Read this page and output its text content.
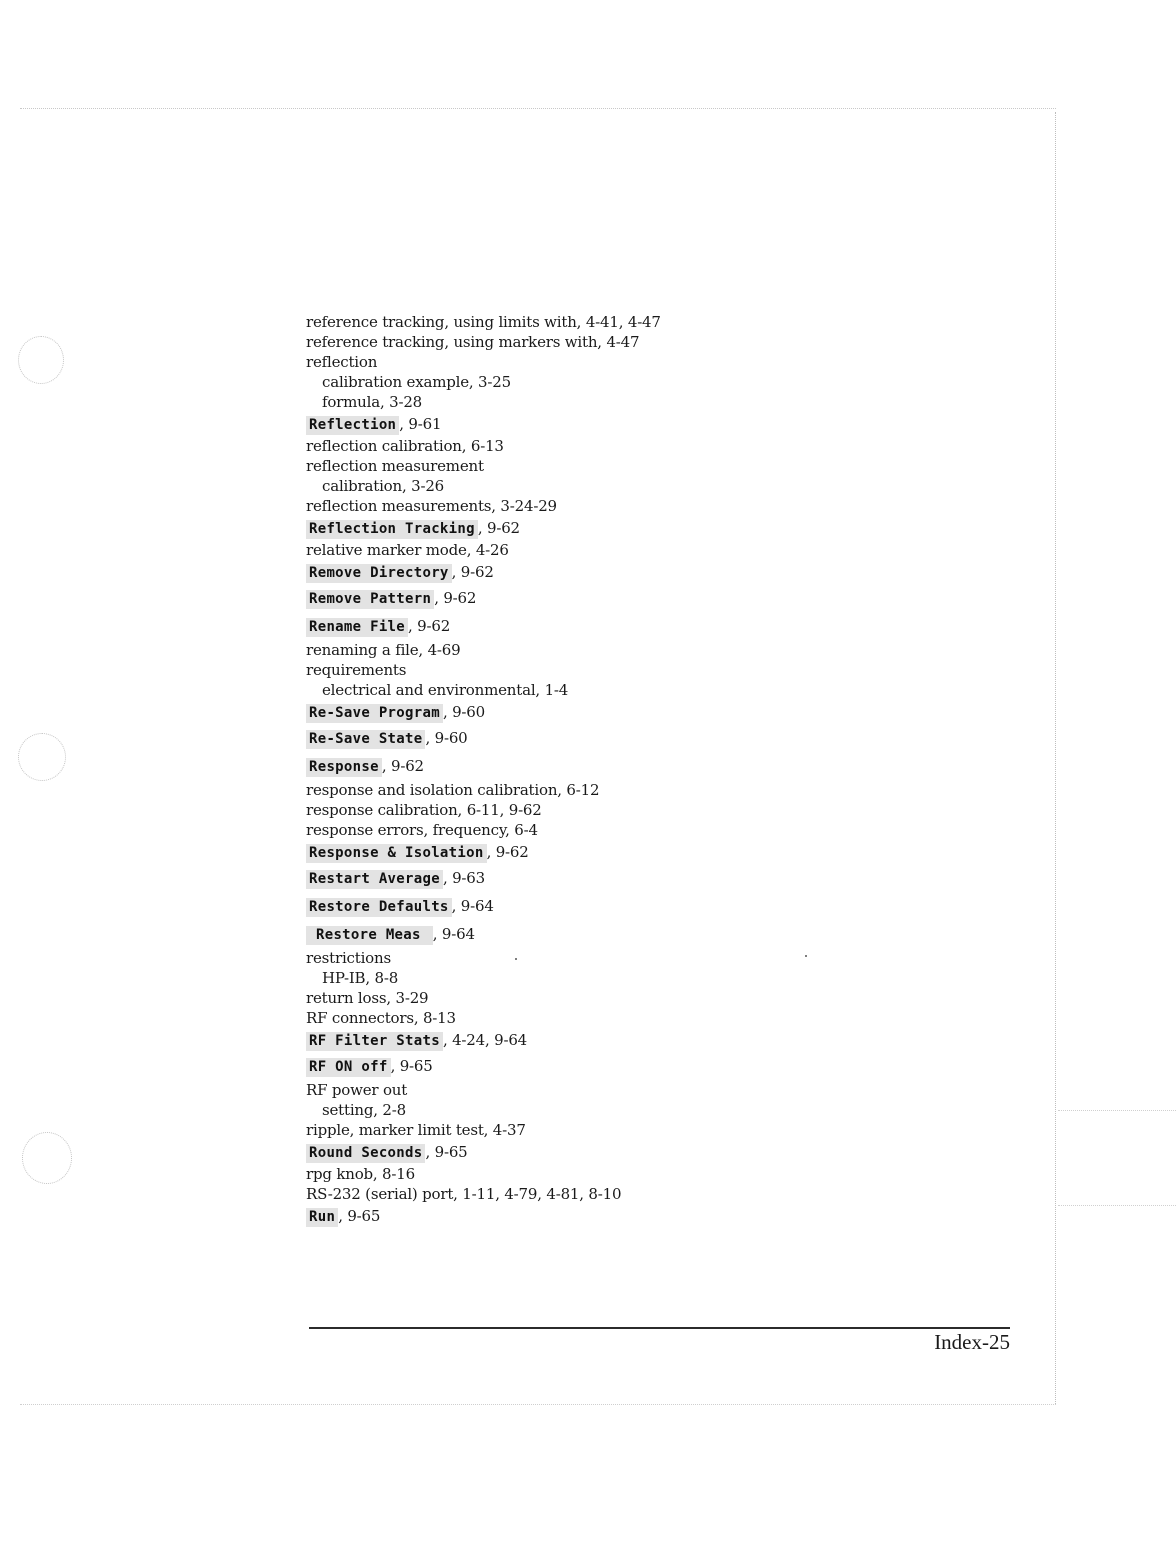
reference tracking, using limits with, 4-41, 4-47
reference tracking, using markers with, 4-47
reflection
calibration example, 3-25
formula, 3-28
Reflection , 9-61
reflection calibration, 6-13
reflection measurement
calibration, 3-26
reflection measurements, 3-24-29
Reflection Tracking , 9-62
relative marker mode, 4-26
Remove Directory , 9-62
Remove Pattern , 9-62
Rename File , 9-62
renaming a file, 4-69
requirements
electrical and environmental, 1-4
Re-Save Program , 9-60
Re-Save State , 9-60
Response , 9-62
response and isolation calibration, 6-12
response calibration, 6-11, 9-62
response errors, frequency, 6-4
Response & Isolation , 9-62
Restart Average , 9-63
Restore Defaults , 9-64
Restore Meas , 9-64
restrictions
HP-IB, 8-8
return loss, 3-29
RF connectors, 8-13
RF Filter Stats , 4-24, 9-64
RF ON off , 9-65
RF power out
setting, 2-8
ripple, marker limit test, 4-37
Round Seconds , 9-65
rpg knob, 8-16
RS-232 (serial) port, 1-11, 4-79, 4-81, 8-10
Run , 9-65
Index-25
